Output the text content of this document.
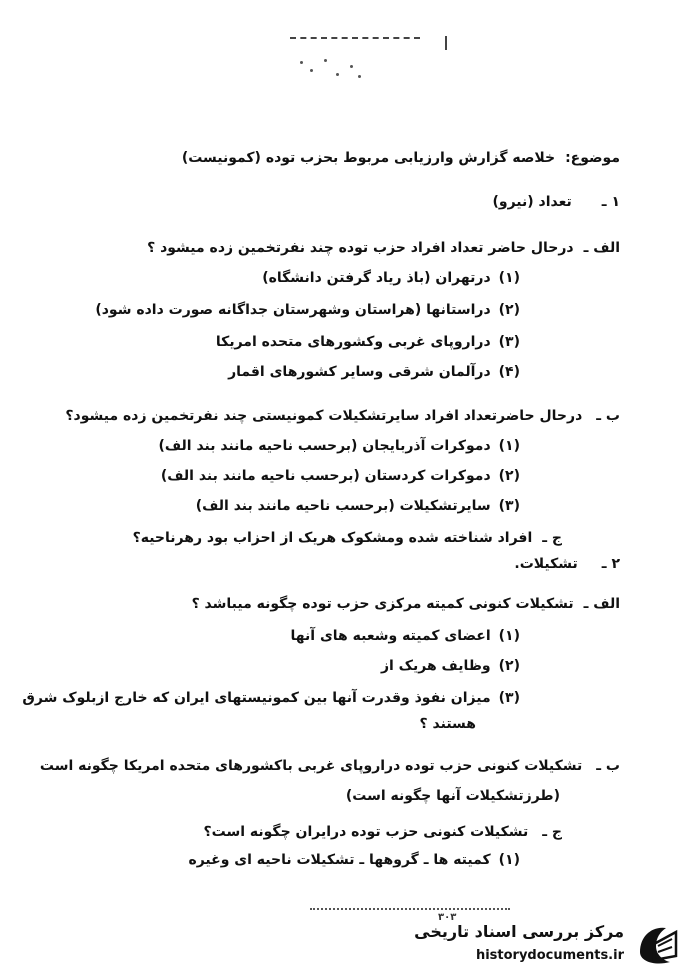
موضوع:خلاصه گزارش وارزیابی مربوط بحزب توده (کمونیست)
۱ ـتعداد (نیرو)
الف ـدرحال حاضر تعداد افراد حزب توده چند نفرتخمین زده میشود ؟
(۱)درتهران (باذ ریاد گرفتن دانشگاه)
(۲)دراستانها (هراستان وشهرستان جداگانه صورت داده شود)
(۳)دراروپای غربی وکشورهای متحده امریکا
(۴)درآلمان شرقی وسایر کشورهای اقمار
ب ـدرحال حاضرتعداد افراد سایرتشکیلات کمونیستی چند نفرتخمین زده میشود؟
(۱)دموکرات آذربایجان (برحسب ناحیه مانند بند الف)
(۲)دموکرات کردستان (برحسب ناحیه مانند بند الف)
(۳)سایرتشکیلات (برحسب ناحیه مانند بند الف)
ج ـافراد شناخته شده ومشکوک هریک از احزاب بود رهرناحیه؟
۲ ـتشکیلات.
الف ـتشکیلات کنونی کمیته مرکزی حزب توده چگونه میباشد ؟
(۱)اعضای کمیته وشعبه های آنها
(۲)وظایف هریک از
(۳)میزان نفوذ وقدرت آنها بین کمونیستهای ایران که خارج ازبلوک شرق
هستند ؟
ب ـتشکیلات کنونی حزب توده دراروپای غربی باکشورهای متحده امریکا چگونه است
(طرزتشکیلات آنها چگونه است)
ج ـتشکیلات کنونی حزب توده درایران چگونه است؟
(۱)کمیته ها ـ گروهها ـ تشکیلات ناحیه ای وغیره
۳۰۳
مرکز بررسی اسناد تاریخی
historydocuments.ir
